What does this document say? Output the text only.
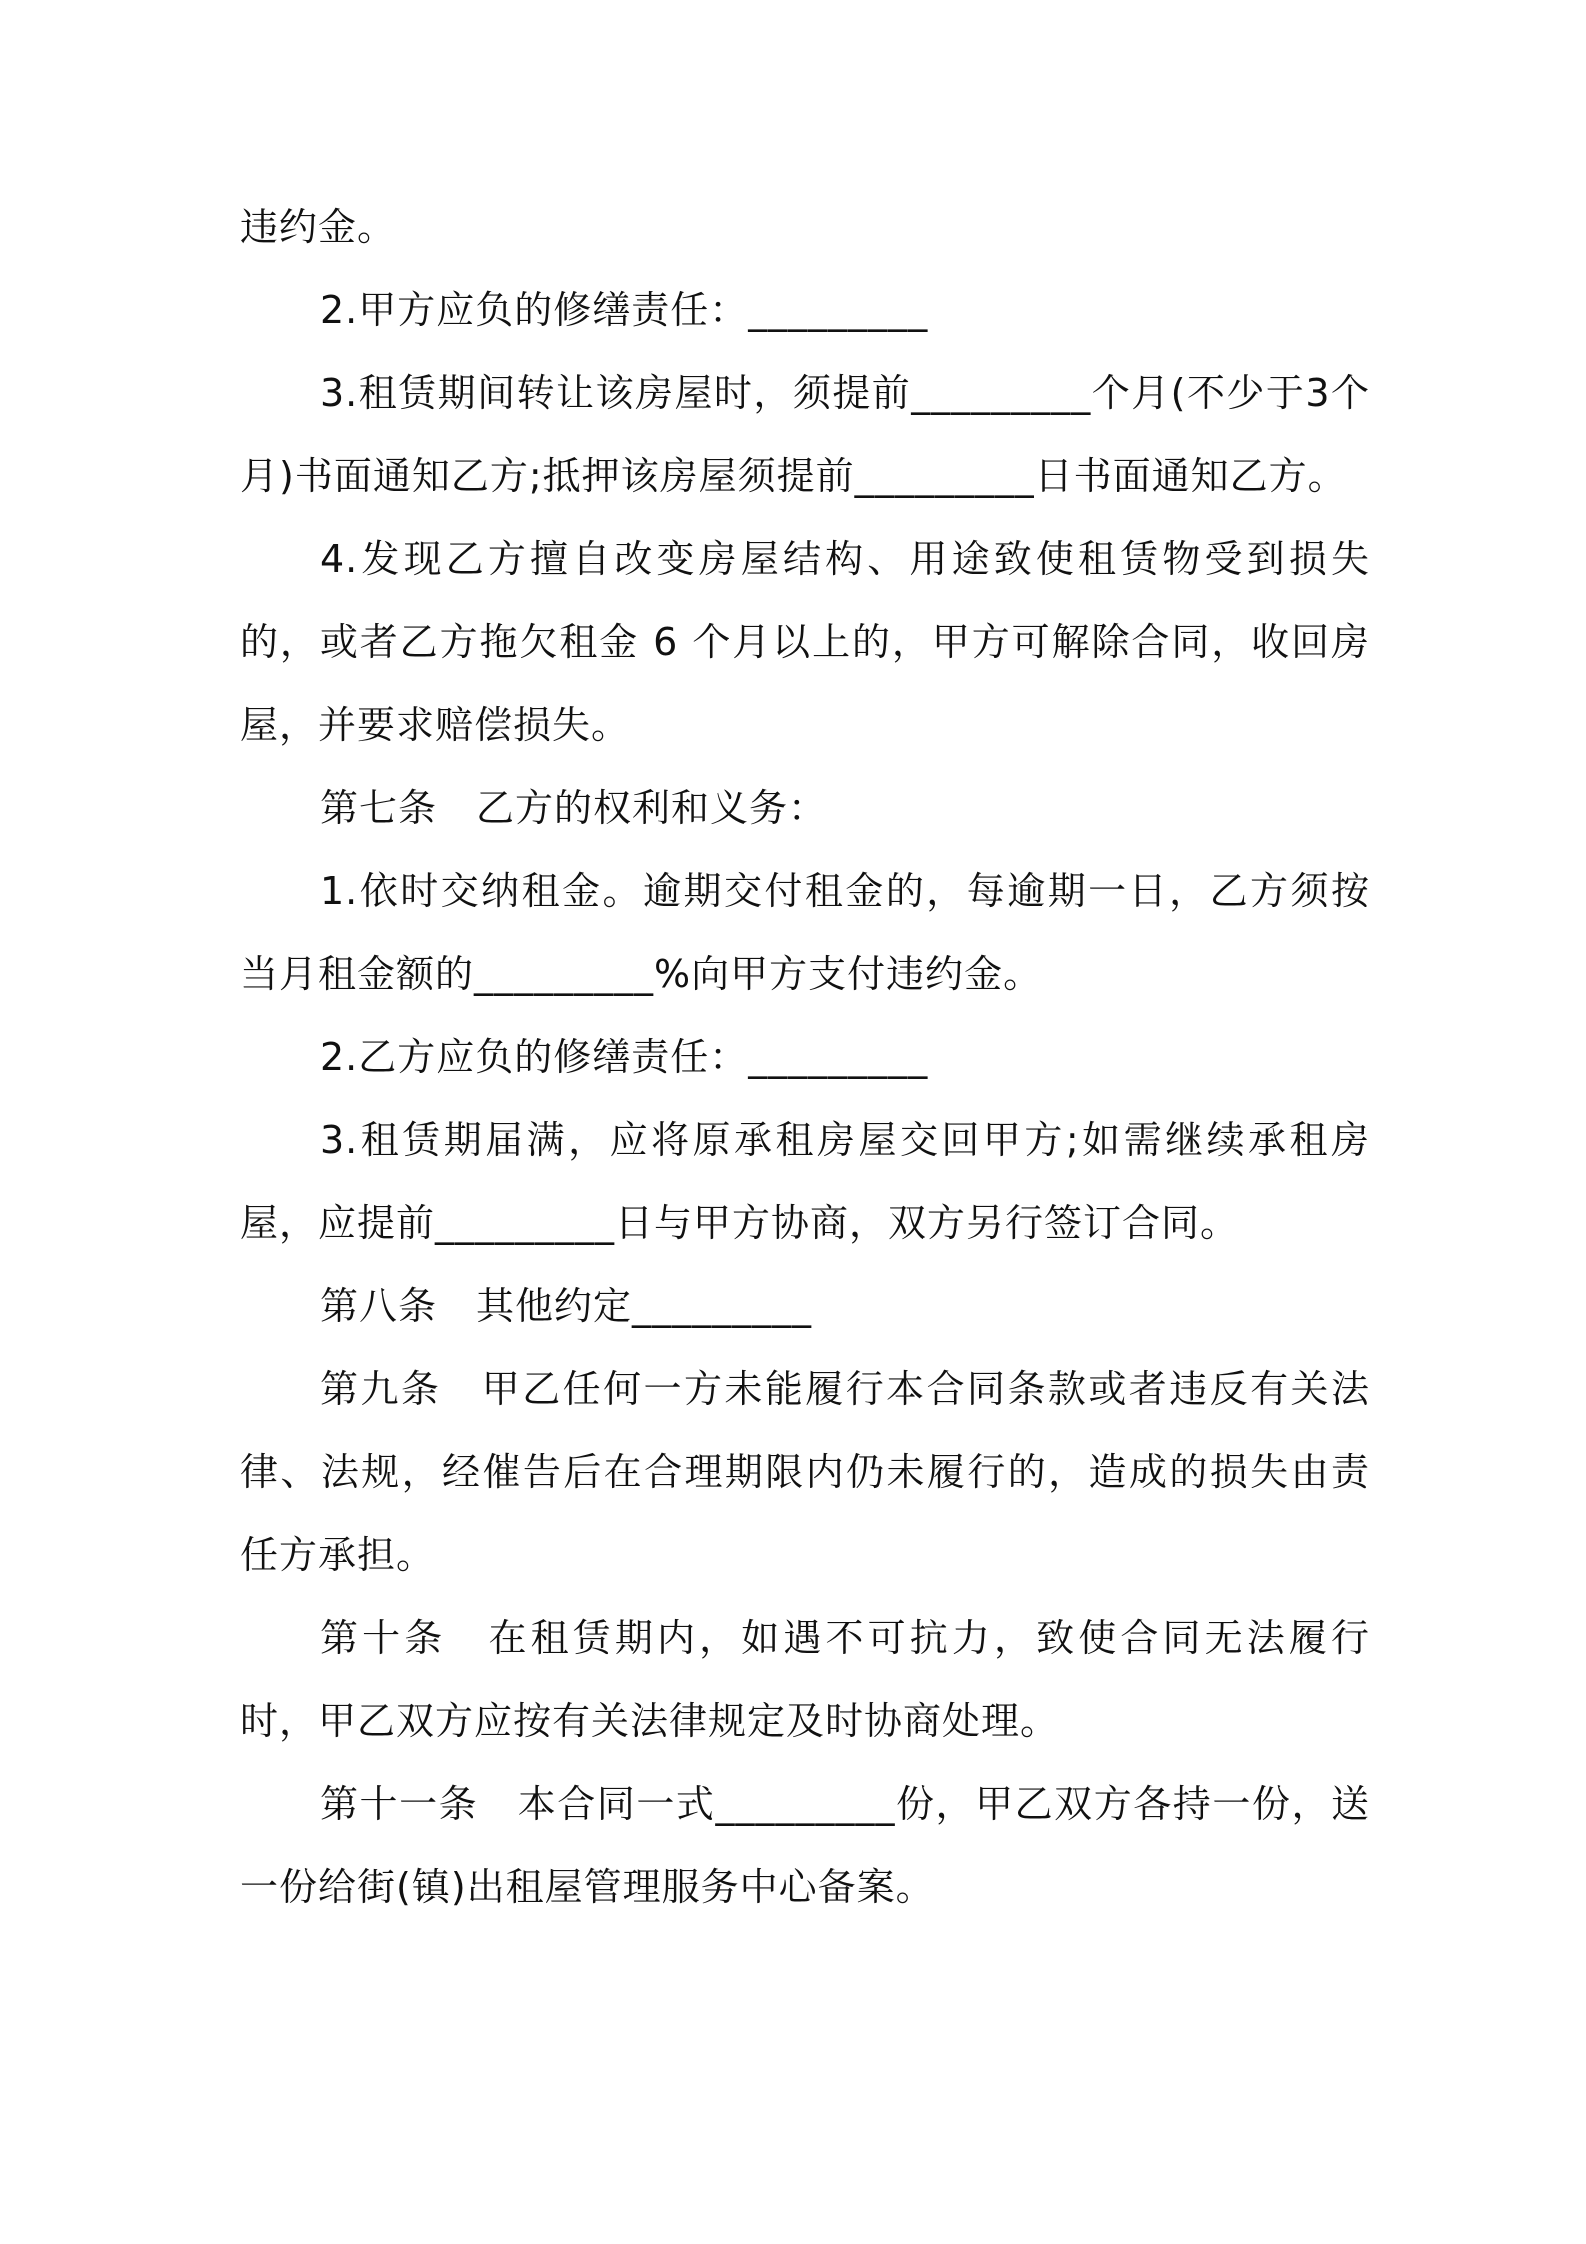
违约金。

2.甲方应负的修缮责任：_________

3.租赁期间转让该房屋时，须提前_________个月(不少于3个月)书面通知乙方;抵押该房屋须提前_________日书面通知乙方。

4.发现乙方擅自改变房屋结构、用途致使租赁物受到损失的，或者乙方拖欠租金 6 个月以上的，甲方可解除合同，收回房屋，并要求赔偿损失。

第七条　乙方的权利和义务：

1.依时交纳租金。逾期交付租金的，每逾期一日，乙方须按当月租金额的_________%向甲方支付违约金。

2.乙方应负的修缮责任：_________

3.租赁期届满，应将原承租房屋交回甲方;如需继续承租房屋，应提前_________日与甲方协商，双方另行签订合同。

第八条　其他约定_________

第九条　甲乙任何一方未能履行本合同条款或者违反有关法律、法规，经催告后在合理期限内仍未履行的，造成的损失由责任方承担。

第十条　在租赁期内，如遇不可抗力，致使合同无法履行时，甲乙双方应按有关法律规定及时协商处理。

第十一条　本合同一式_________份，甲乙双方各持一份，送一份给街(镇)出租屋管理服务中心备案。
